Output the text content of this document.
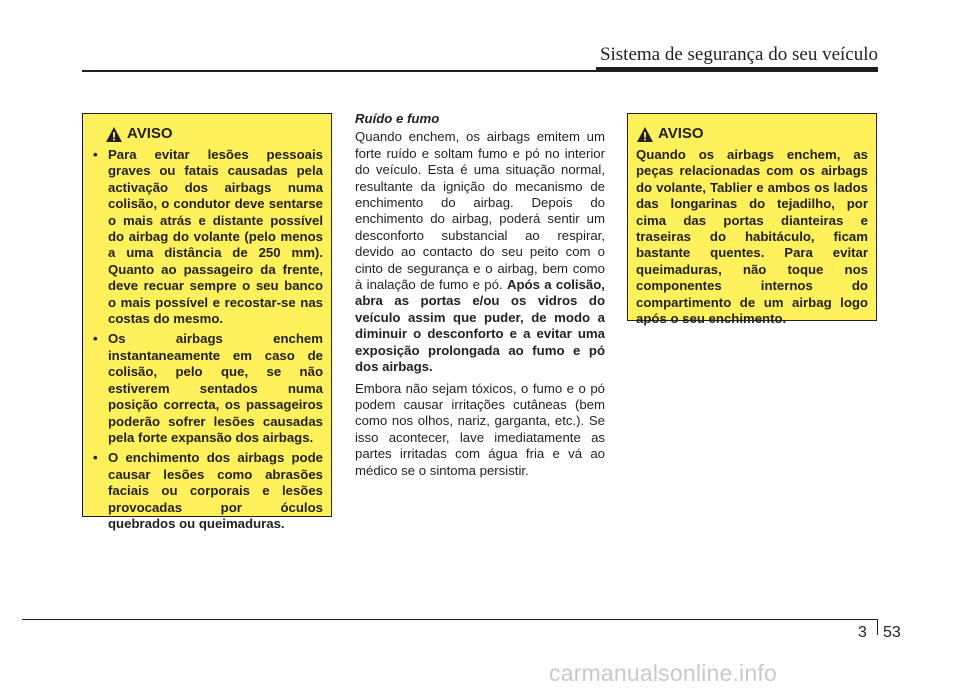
Sistema de segurança do seu veículo
AVISO
• Para evitar lesões pessoais graves ou fatais causadas pela activação dos airbags numa colisão, o condutor deve sentarse o mais atrás e distante possível do airbag do volante (pelo menos a uma distância de 250 mm). Quanto ao passageiro da frente, deve recuar sempre o seu banco o mais possível e recostar-se nas costas do mesmo.
• Os airbags enchem instantaneamente em caso de colisão, pelo que, se não estiverem sentados numa posição correcta, os passageiros poderão sofrer lesões causadas pela forte expansão dos airbags.
• O enchimento dos airbags pode causar lesões como abrasões faciais ou corporais e lesões provocadas por óculos quebrados ou queimaduras.
Ruído e fumo

Quando enchem, os airbags emitem um forte ruído e soltam fumo e pó no interior do veículo. Esta é uma situação normal, resultante da ignição do mecanismo de enchimento do airbag. Depois do enchimento do airbag, poderá sentir um desconforto substancial ao respirar, devido ao contacto do seu peito com o cinto de segurança e o airbag, bem como à inalação de fumo e pó. Após a colisão, abra as portas e/ou os vidros do veículo assim que puder, de modo a diminuir o desconforto e a evitar uma exposição prolongada ao fumo e pó dos airbags.

Embora não sejam tóxicos, o fumo e o pó podem causar irritações cutâneas (bem como nos olhos, nariz, garganta, etc.). Se isso acontecer, lave imediatamente as partes irritadas com água fria e vá ao médico se o sintoma persistir.

AVISO
Quando os airbags enchem, as peças relacionadas com os airbags do volante, Tablier e ambos os lados das longarinas do tejadilho, por cima das portas dianteiras e traseiras do habitáculo, ficam bastante quentes. Para evitar queimaduras, não toque nos componentes internos do compartimento de um airbag logo após o seu enchimento.
3 53
carmanualsonline.info
